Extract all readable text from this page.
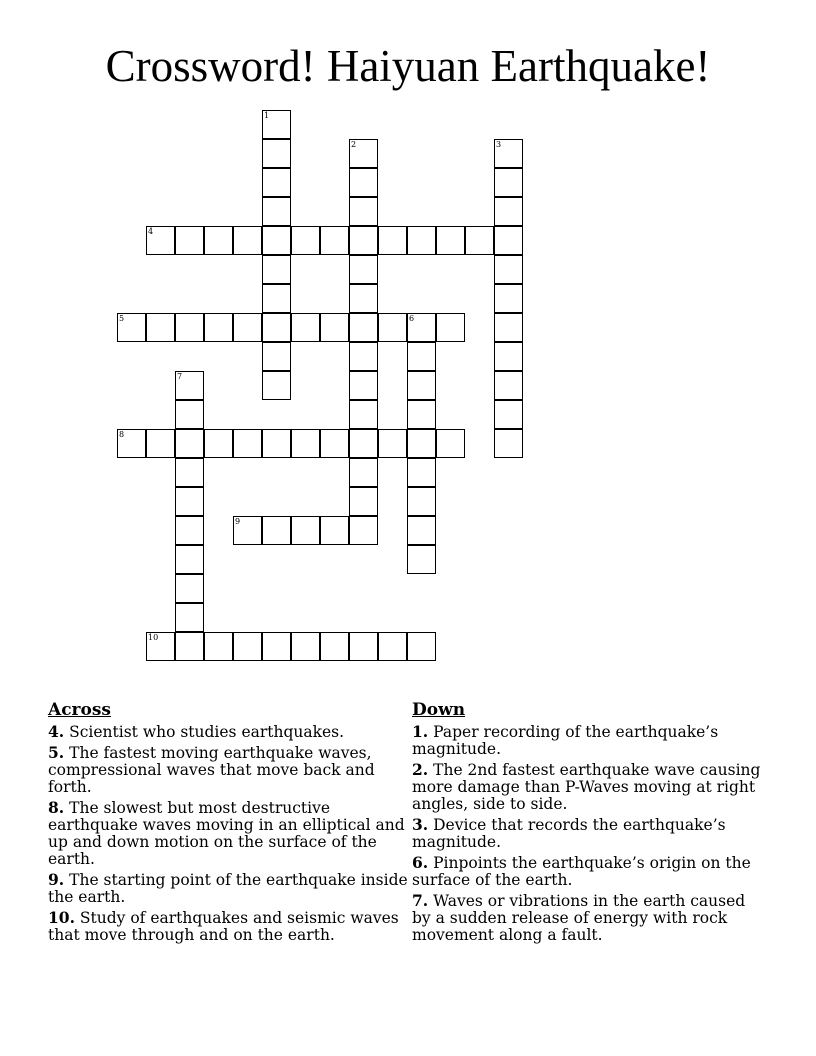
Crossword! Haiyuan Earthquake!
1
2	3
4
5	6
7
8
9
10
Across
4. Scientist who studies earthquakes.
5. The fastest moving earthquake waves, compressional waves that move back and forth.
8. The slowest but most destructive earthquake waves moving in an elliptical and up and down motion on the surface of the earth.
9. The starting point of the earthquake inside the earth.
10. Study of earthquakes and seismic waves that move through and on the earth.
Down
1. Paper recording of the earthquake’s magnitude.
2. The 2nd fastest earthquake wave causing more damage than P-Waves moving at right angles, side to side.
3. Device that records the earthquake’s magnitude.
6. Pinpoints the earthquake’s origin on the surface of the earth.
7. Waves or vibrations in the earth caused by a sudden release of energy with rock movement along a fault.
